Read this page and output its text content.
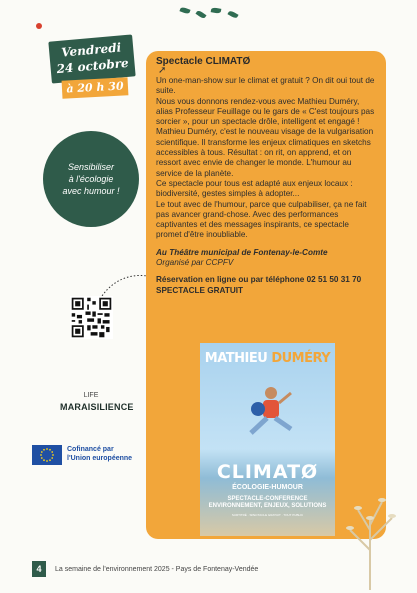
Vendredi
24 octobre
à 20 h 30
Sensibiliser
à l'écologie
avec humour !
Spectacle CLIMATØ
➚

Un one-man-show sur le climat et gratuit ? On dit oui tout de suite.

Nous vous donnons rendez-vous avec Mathieu Duméry, alias Professeur Feuillage ou le gars de « C'est toujours pas sorcier », pour un spectacle drôle, intelligent et engagé !

Mathieu Duméry, c'est le nouveau visage de la vulgarisation scientifique. Il transforme les enjeux climatiques en sketchs accessibles à tous. Résultat : on rit, on apprend, et on ressort avec envie de changer le monde. L'humour au service de la planète.

Ce spectacle pour tous est adapté aux enjeux locaux : biodiversité, gestes simples à adopter...

Le tout avec de l'humour, parce que culpabiliser, ça ne fait pas avancer grand-chose. Avec des performances captivantes et des messages inspirants, ce spectacle promet d'être inoubliable.

Au Théâtre municipal de Fontenay-le-Comte
Organisé par CCPFV
Réservation en ligne ou par téléphone 02 51 50 31 70
SPECTACLE GRATUIT
MATHIEU DUMÉRY
CLIMATØ
ÉCOLOGIE-HUMOUR
SPECTACLE-CONFERENCE
ENVIRONNEMENT, ENJEUX, SOLUTIONS
SURTITRÉ · SPECTACLE GRATUIT · TOUT PUBLIC
LIFE
MARAISILIENCE
Cofinancé par
l'Union européenne
4	La semaine de l'environnement 2025 - Pays de Fontenay-Vendée
